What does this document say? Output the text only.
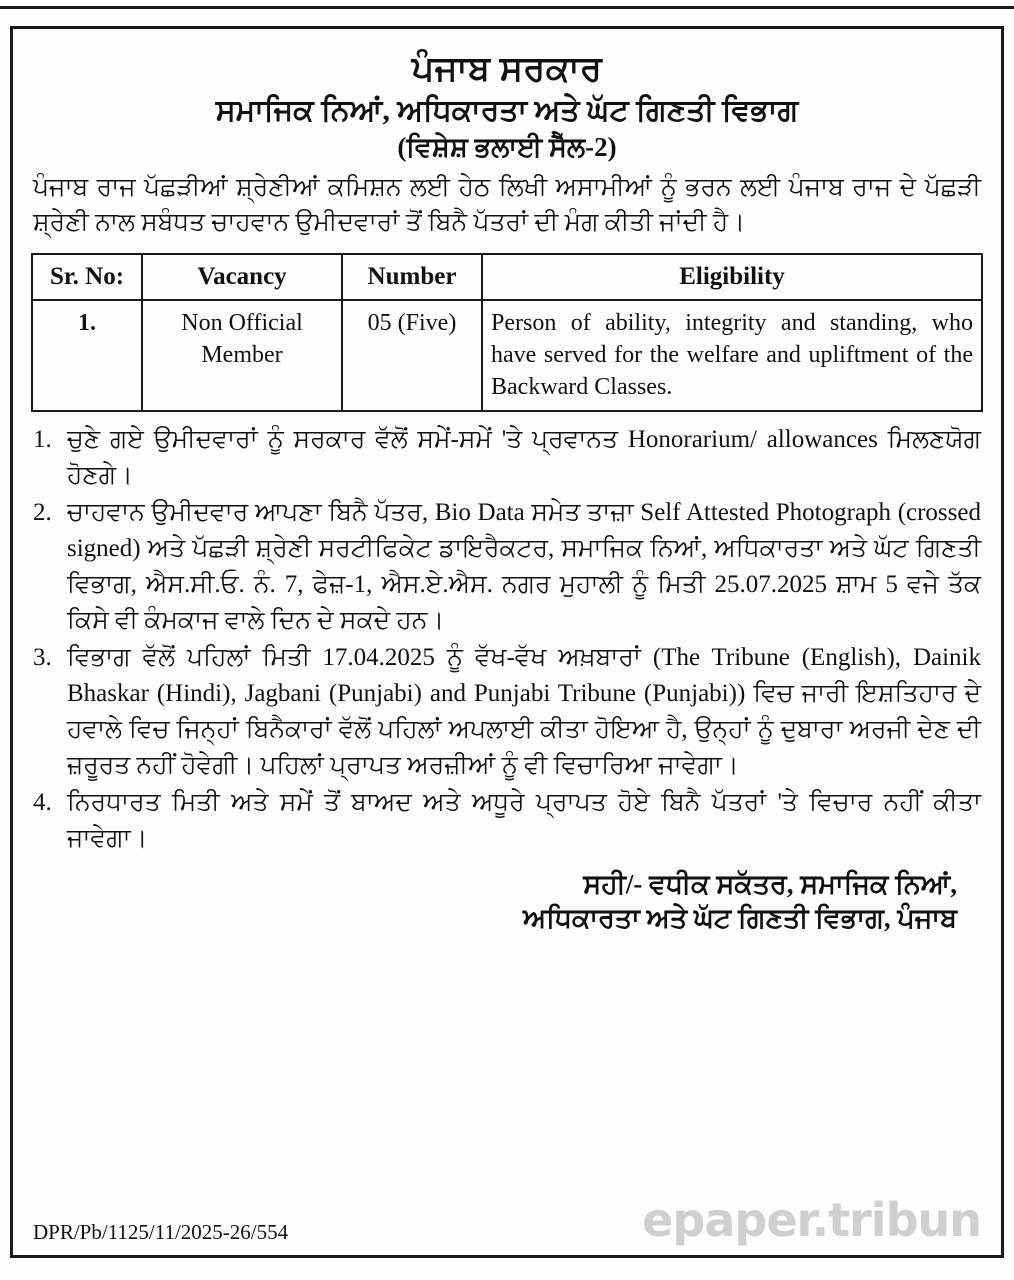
ਪੰਜਾਬ ਸਰਕਾਰ
ਸਮਾਜਿਕ ਨਿਆਂ, ਅਧਿਕਾਰਤਾ ਅਤੇ ਘੱਟ ਗਿਣਤੀ ਵਿਭਾਗ
(ਵਿਸ਼ੇਸ਼ ਭਲਾਈ ਸੈੱਲ-2)
ਪੰਜਾਬ ਰਾਜ ਪੱਛੜੀਆਂ ਸ਼੍ਰੇਣੀਆਂ ਕਮਿਸ਼ਨ ਲਈ ਹੇਠ ਲਿਖੀ ਅਸਾਮੀਆਂ ਨੂੰ ਭਰਨ ਲਈ ਪੰਜਾਬ ਰਾਜ ਦੇ ਪੱਛੜੀ ਸ਼੍ਰੇਣੀ ਨਾਲ ਸਬੰਧਤ ਚਾਹਵਾਨ ਉਮੀਦਵਾਰਾਂ ਤੋਂ ਬਿਨੈ ਪੱਤਰਾਂ ਦੀ ਮੰਗ ਕੀਤੀ ਜਾਂਦੀ ਹੈ।
Sr. No:	Vacancy	Number	Eligibility
1.	Non Official Member	05 (Five)	Person of ability, integrity and standing, who have served for the welfare and upliftment of the Backward Classes.
1. ਚੁਣੇ ਗਏ ਉਮੀਦਵਾਰਾਂ ਨੂੰ ਸਰਕਾਰ ਵੱਲੋਂ ਸਮੇਂ-ਸਮੇਂ 'ਤੇ ਪ੍ਰਵਾਨਤ Honorarium/ allowances ਮਿਲਣਯੋਗ ਹੋਣਗੇ।
2. ਚਾਹਵਾਨ ਉਮੀਦਵਾਰ ਆਪਣਾ ਬਿਨੈ ਪੱਤਰ, Bio Data ਸਮੇਤ ਤਾਜ਼ਾ Self Attested Photograph (crossed signed) ਅਤੇ ਪੱਛੜੀ ਸ਼੍ਰੇਣੀ ਸਰਟੀਫਿਕੇਟ ਡਾਇਰੈਕਟਰ, ਸਮਾਜਿਕ ਨਿਆਂ, ਅਧਿਕਾਰਤਾ ਅਤੇ ਘੱਟ ਗਿਣਤੀ ਵਿਭਾਗ, ਐਸ.ਸੀ.ਓ. ਨੰ. 7, ਫੇਜ਼-1, ਐਸ.ਏ.ਐਸ. ਨਗਰ ਮੁਹਾਲੀ ਨੂੰ ਮਿਤੀ 25.07.2025 ਸ਼ਾਮ 5 ਵਜੇ ਤੱਕ ਕਿਸੇ ਵੀ ਕੰਮਕਾਜ ਵਾਲੇ ਦਿਨ ਦੇ ਸਕਦੇ ਹਨ।
3. ਵਿਭਾਗ ਵੱਲੋਂ ਪਹਿਲਾਂ ਮਿਤੀ 17.04.2025 ਨੂੰ ਵੱਖ-ਵੱਖ ਅਖ਼ਬਾਰਾਂ (The Tribune (English), Dainik Bhaskar (Hindi), Jagbani (Punjabi) and Punjabi Tribune (Punjabi)) ਵਿਚ ਜਾਰੀ ਇਸ਼ਤਿਹਾਰ ਦੇ ਹਵਾਲੇ ਵਿਚ ਜਿਨ੍ਹਾਂ ਬਿਨੈਕਾਰਾਂ ਵੱਲੋਂ ਪਹਿਲਾਂ ਅਪਲਾਈ ਕੀਤਾ ਹੋਇਆ ਹੈ, ਉਨ੍ਹਾਂ ਨੂੰ ਦੁਬਾਰਾ ਅਰਜੀ ਦੇਣ ਦੀ ਜ਼ਰੂਰਤ ਨਹੀਂ ਹੋਵੇਗੀ। ਪਹਿਲਾਂ ਪ੍ਰਾਪਤ ਅਰਜ਼ੀਆਂ ਨੂੰ ਵੀ ਵਿਚਾਰਿਆ ਜਾਵੇਗਾ।
4. ਨਿਰਧਾਰਤ ਮਿਤੀ ਅਤੇ ਸਮੇਂ ਤੋਂ ਬਾਅਦ ਅਤੇ ਅਧੂਰੇ ਪ੍ਰਾਪਤ ਹੋਏ ਬਿਨੈ ਪੱਤਰਾਂ 'ਤੇ ਵਿਚਾਰ ਨਹੀਂ ਕੀਤਾ ਜਾਵੇਗਾ।
ਸਹੀ/- ਵਧੀਕ ਸਕੱਤਰ, ਸਮਾਜਿਕ ਨਿਆਂ,
ਅਧਿਕਾਰਤਾ ਅਤੇ ਘੱਟ ਗਿਣਤੀ ਵਿਭਾਗ, ਪੰਜਾਬ
DPR/Pb/1125/11/2025-26/554	epaper.tribun
